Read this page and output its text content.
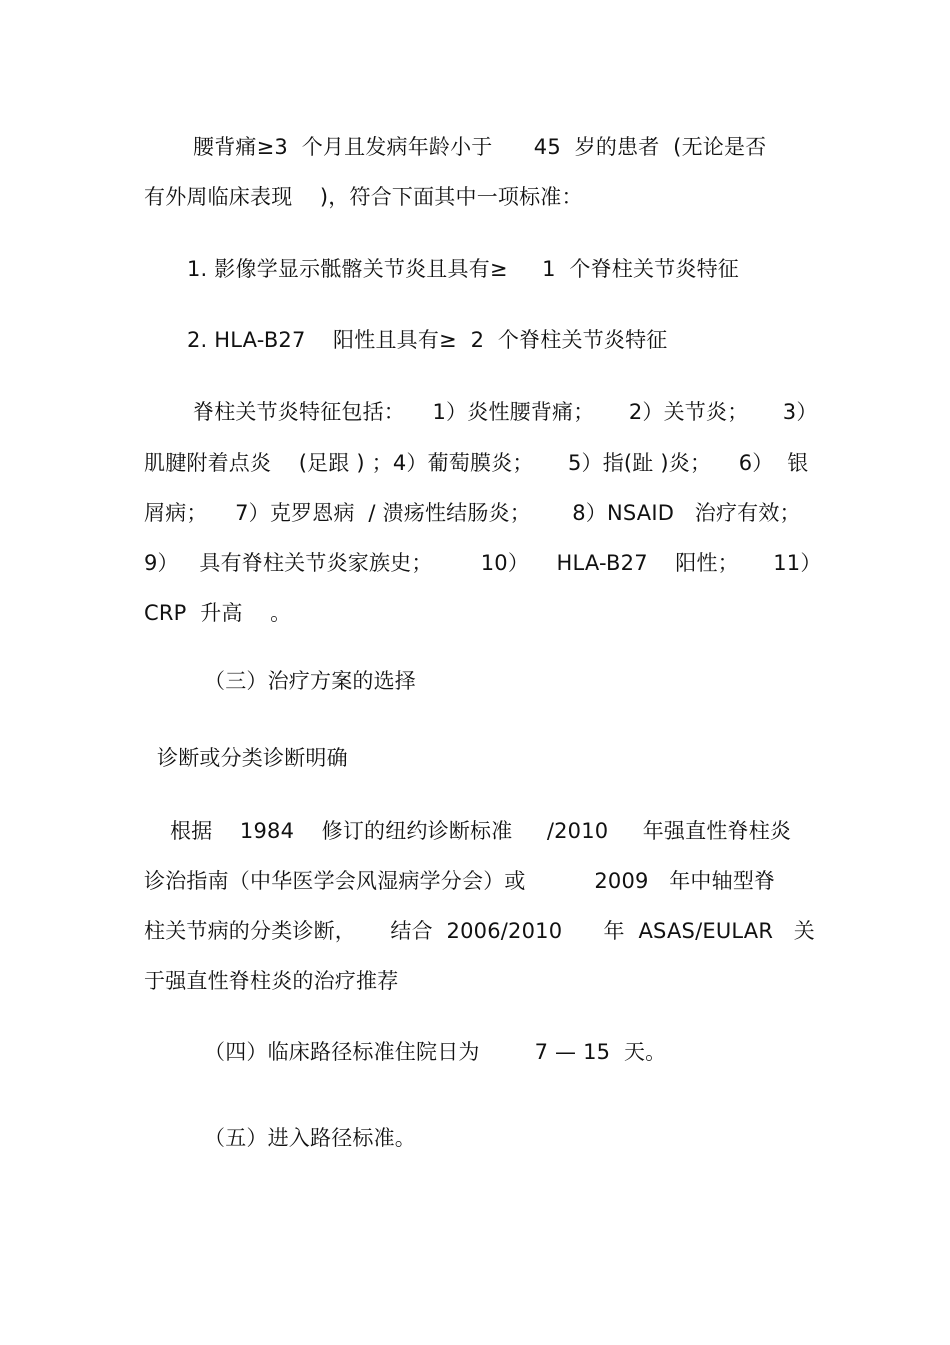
腰背痛≥3  个月且发病年龄小于      45  岁的患者  (无论是否
有外周临床表现    )，符合下面其中一项标准：
1. 影像学显示骶髂关节炎且具有≥     1  个脊柱关节炎特征
2. HLA-B27    阳性且具有≥  2  个脊柱关节炎特征
脊柱关节炎特征包括：    1）炎性腰背痛；     2）关节炎；     3）
肌腱附着点炎    (足跟 ) ；4）葡萄膜炎；     5）指(趾 )炎；    6）  银
屑病；    7）克罗恩病  / 溃疡性结肠炎；      8）NSAID   治疗有效；
9）   具有脊柱关节炎家族史；       10）    HLA-B27    阳性；     11）
CRP  升高    。
（三）治疗方案的选择
诊断或分类诊断明确
根据    1984    修订的纽约诊断标准     /2010     年强直性脊柱炎
诊治指南（中华医学会风湿病学分会）或          2009   年中轴型脊
柱关节病的分类诊断，     结合  2006/2010      年  ASAS/EULAR   关
于强直性脊柱炎的治疗推荐
（四）临床路径标准住院日为        7 — 15  天。
（五）进入路径标准。
